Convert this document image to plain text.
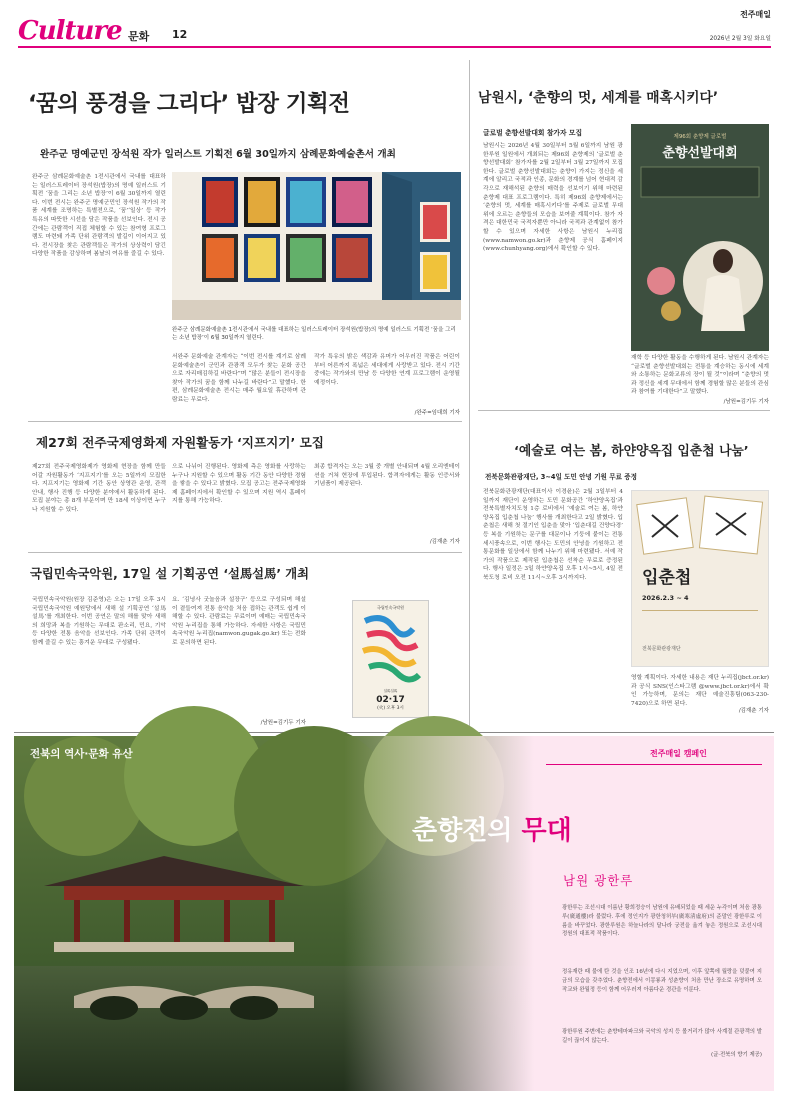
Culture 문화 12
전주매일
2026년 2월 3일 화요일
‘꿈의 풍경을 그리다’ 밥장 기획전
완주군 명예군민 장석원 작가 일러스트 기획전 6월 30일까지 삼례문화예술촌서 개최
완주군 삼례문화예술촌 1전시관에서 국내를 대표하는 일러스트레이터 장석원(밥장)의 명예 일러스트 기획전 ‘꿈을 그리는 소년 밥장’이 6월 30일까지 열린다. 이번 전시는 완주군 명예군민인 장석원 작가의 작품 세계를 조명하는 특별전으로, ‘꿈’‘일상’ 등 작가 특유의 따뜻한 시선을 담은 작품을 선보인다. 전시 공간에는 관람객이 직접 체험할 수 있는 참여형 프로그램도 마련돼 가족 단위 관람객의 발길이 이어지고 있다. 전시장을 찾은 관람객들은 작가의 상상력이 담긴 다양한 작품을 감상하며 봄날의 여유를 즐길 수 있다.
완주군 삼례문화예술촌 1전시관에서 국내를 대표하는 일러스트레이터 장석원(밥장)의 명예 일러스트 기획전 ‘꿈을 그리는 소년 밥장’이 6월 30일까지 열린다.
서완주 문화예술 관계자는 “이번 전시를 계기로 삼례문화예술촌이 군민과 관광객 모두가 찾는 문화 공간으로 자리매김하길 바란다”며 “많은 분들이 전시장을 찾아 작가의 꿈을 함께 나누길 바란다”고 말했다. 한편, 삼례문화예술촌 전시는 매주 월요일 휴관하며 관람료는 무료다.
작가 특유의 밝은 색감과 유머가 어우러진 작품은 어린이부터 어른까지 폭넓은 세대에게 사랑받고 있다. 전시 기간 중에는 작가와의 만남 등 다양한 연계 프로그램이 운영될 예정이다.
/완주=임대희 기자
제27회 전주국제영화제 자원활동가 ‘지프지기’ 모집
제27회 전주국제영화제가 영화제 현장을 함께 만들어갈 자원활동가 ‘지프지기’를 오는 5일까지 모집한다. 지프지기는 영화제 기간 동안 상영관 운영, 관객 안내, 행사 진행 등 다양한 분야에서 활동하게 된다. 모집 분야는 총 8개 부문이며 만 18세 이상이면 누구나 지원할 수 있다.
으로 나뉘어 진행된다. 영화제 측은 영화를 사랑하는 누구나 지원할 수 있으며 활동 기간 동안 다양한 경험을 쌓을 수 있다고 밝혔다. 모집 공고는 전주국제영화제 홈페이지에서 확인할 수 있으며 지원 역시 홈페이지를 통해 가능하다.
최종 합격자는 오는 3월 중 개별 안내되며 4월 오리엔테이션을 거쳐 현장에 투입된다. 합격자에게는 활동 인증서와 기념품이 제공된다.
/김재춘 기자
국립민속국악원, 17일 설 기획공연 ‘설馬설馬’ 개최
국립민속국악원(원장 김준영)은 오는 17일 오후 3시 국립민속국악원 예원당에서 새해 설 기획공연 ‘설馬설馬’를 개최한다. 이번 공연은 말의 해를 맞아 새해의 희망과 복을 기원하는 무대로 판소리, 민요, 기악 등 다양한 전통 음악을 선보인다. 가족 단위 관객이 함께 즐길 수 있는 흥겨운 무대로 구성됐다.
요. ‘김녕사 굿놀음과 설장구’ 등으로 구성되며 해설이 곁들여져 전통 음악을 처음 접하는 관객도 쉽게 이해할 수 있다. 관람료는 무료이며 예매는 국립민속국악원 누리집을 통해 가능하다. 자세한 사항은 국립민속국악원 누리집(namwon.gugak.go.kr) 또는 전화로 문의하면 된다.
/남원=김기두 기자
국립민속국악원
설馬설馬
02·17
(火) 오후 3시
남원시, ‘춘향의 멋, 세계를 매혹시키다’
글로벌 춘향선발대회 참가자 모집
남원시는 2026년 4월 30일부터 5월 6일까지 남원 광한루원 일원에서 개최되는 제96회 춘향제의 ‘글로벌 춘향선발대회’ 참가자를 2월 2일부터 3월 27일까지 모집한다. 글로벌 춘향선발대회는 춘향이 가지는 정신을 세계에 알리고 국적과 인종, 문화의 경계를 넘어 현대적 감각으로 재해석된 춘향의 매력을 선보이기 위해 마련된 춘향제 대표 프로그램이다. 특히 제96회 춘향제에서는 ‘춘향의 멋, 세계를 매혹시키다’를 주제로 글로벌 무대 위에 오르는 춘향들의 모습을 보여줄 계획이다. 참가 자격은 대한민국 국적자뿐만 아니라 국적과 관계없이 참가할 수 있으며 자세한 사항은 남원시 누리집(www.namwon.go.kr)과 춘향제 공식 홈페이지(www.chunhyang.org)에서 확인할 수 있다.
제96회 춘향제 글로벌
춘향선발대회
재학 등 다양한 활동을 수행하게 된다. 남원시 관계자는 “글로벌 춘향선발대회는 전통을 계승하는 동시에 세계와 소통하는 문화교류의 장이 될 것”이라며 “춘향의 멋과 정신을 세계 무대에서 함께 경험할 많은 분들의 관심과 참여를 기대한다”고 말했다.
/남원=김기두 기자
‘예술로 여는 봄, 하얀양옥집 입춘첩 나눔’
전북문화관광재단, 3~4일 도민 안녕 기원 무료 증정
전북문화관광재단(대표이사 이경윤)은 2월 3일부터 4일까지 재단이 운영하는 도민 문화공간 ‘하얀양옥집’과 전북특별자치도청 1층 로비에서 ‘예술로 여는 봄, 하얀양옥집 입춘첩 나눔’ 행사를 개최한다고 2일 밝혔다. 입춘첩은 새해 첫 절기인 입춘을 맞아 ‘입춘대길 건양다경’ 등 복을 기원하는 문구를 대문이나 기둥에 붙이는 전통 세시풍속으로, 이번 행사는 도민의 안녕을 기원하고 전통문화를 일상에서 함께 나누기 위해 마련됐다. 서예 작가의 작품으로 제작된 입춘첩은 선착순 무료로 증정된다. 행사 일정은 3일 하얀양옥집 오후 1시~5시, 4일 전북도청 로비 오전 11시~오후 3시까지다.	입춘첩
2026.2.3 ~ 4
전북문화관광재단
영할 계획이다. 자세한 내용은 재단 누리집(jbct.or.kr)과 공식 SNS(인스타그램 @www.jbct.or.kr)에서 확인 가능하며, 문의는 재단 예술진흥팀(063-230-7420)으로 하면 된다.
/김재춘 기자
전북의 역사·문화 유산	전주매일 캠페인
춘향전의 무대
남원 광한루
광한루는 조선시대 이름난 황희정승이 남원에 유배되었을 때 세운 누각이며 처음 광통루(廣通樓)라 불렀다. 후에 정인지가 광한청허부(廣寒淸虛府)의 준말인 광한루로 이름을 바꾸었다. 광한루원은 하늘나라의 달나라 궁전을 옮겨 놓은 정원으로 조선시대 정원의 대표적 작품이다.
정유재란 때 불에 탄 것을 인조 16년에 다시 지었으며, 이후 앞쪽에 월랑을 덧붙여 지금의 모습을 갖추었다. 춘향전에서 이몽룡과 성춘향이 처음 만난 장소로 유명하며 오작교와 완월정 등이 함께 어우러져 아름다운 경관을 이룬다.
광한루원 주변에는 춘향테마파크와 국악의 성지 등 볼거리가 많아 사계절 관광객의 발길이 끊이지 않는다.
(글·전북의 향기 제공)
